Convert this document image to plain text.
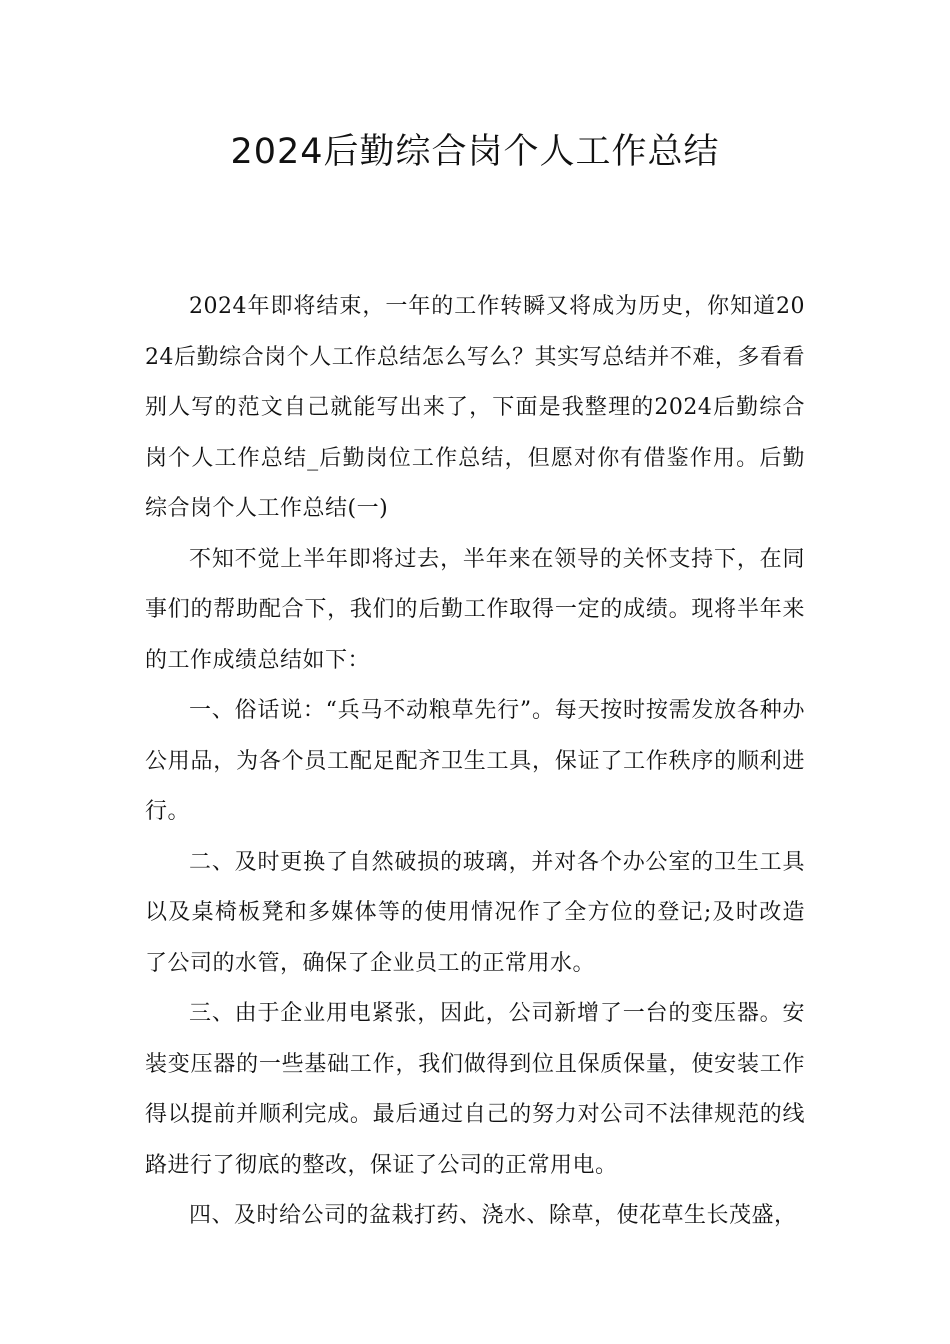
2024后勤综合岗个人工作总结

2024年即将结束，一年的工作转瞬又将成为历史，你知道2024后勤综合岗个人工作总结怎么写么？其实写总结并不难，多看看别人写的范文自己就能写出来了，下面是我整理的2024后勤综合岗个人工作总结_后勤岗位工作总结，但愿对你有借鉴作用。后勤综合岗个人工作总结(一)

不知不觉上半年即将过去，半年来在领导的关怀支持下，在同事们的帮助配合下，我们的后勤工作取得一定的成绩。现将半年来的工作成绩总结如下：

一、俗话说：“兵马不动粮草先行”。每天按时按需发放各种办公用品，为各个员工配足配齐卫生工具，保证了工作秩序的顺利进行。

二、及时更换了自然破损的玻璃，并对各个办公室的卫生工具以及桌椅板凳和多媒体等的使用情况作了全方位的登记;及时改造了公司的水管，确保了企业员工的正常用水。

三、由于企业用电紧张，因此，公司新增了一台的变压器。安装变压器的一些基础工作，我们做得到位且保质保量，使安装工作得以提前并顺利完成。最后通过自己的努力对公司不法律规范的线路进行了彻底的整改，保证了公司的正常用电。

四、及时给公司的盆栽打药、浇水、除草，使花草生长茂盛，
